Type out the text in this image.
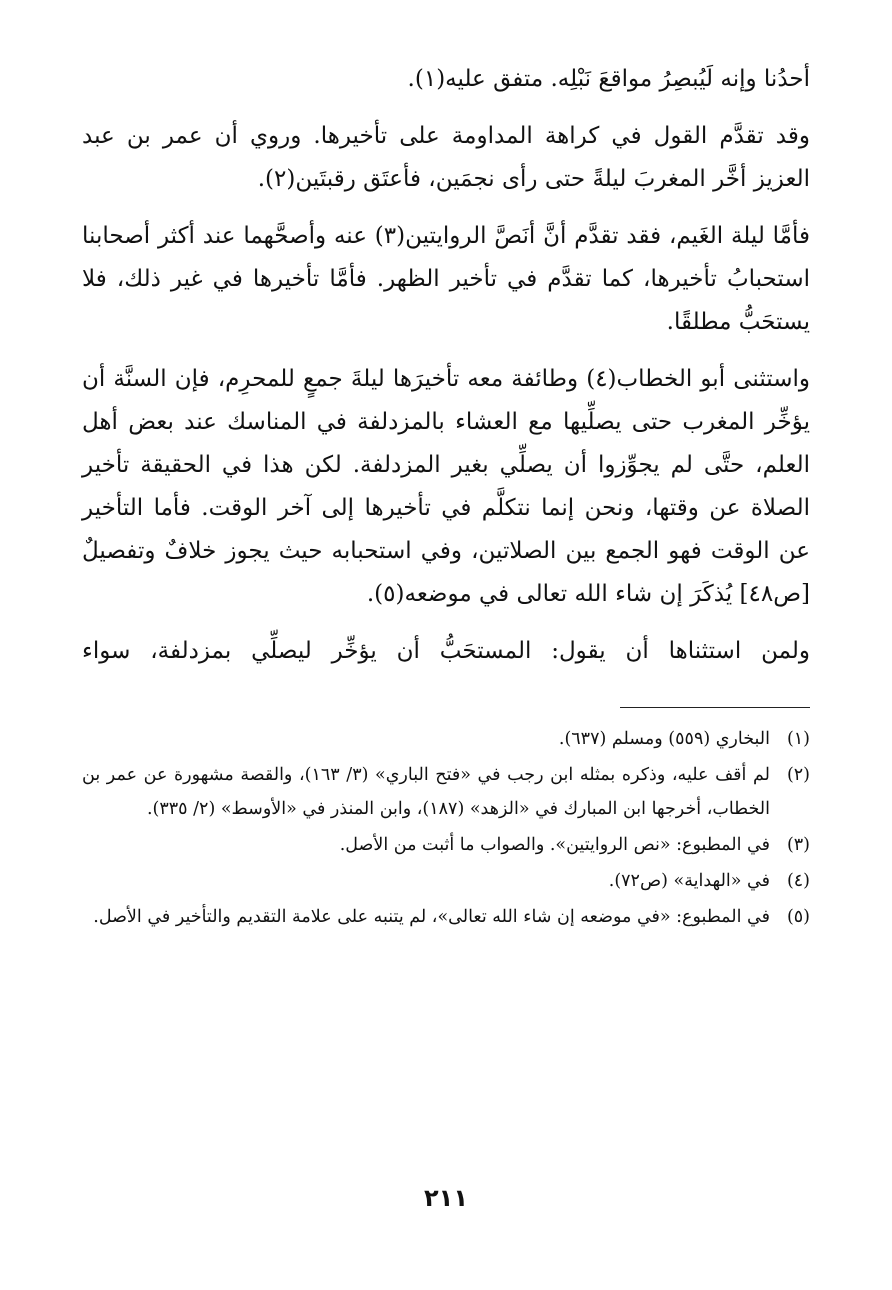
أحدُنا وإنه لَيُبصِرُ مواقعَ نَبْلِه. متفق عليه(١).

وقد تقدَّم القول في كراهة المداومة على تأخيرها. وروي أن عمر بن عبد العزيز أخَّر المغربَ ليلةً حتى رأى نجمَين، فأعتَق رقبتَين(٢).

فأمَّا ليلة الغَيم، فقد تقدَّم أنَّ أنَصَّ الروايتين(٣) عنه وأصحَّهما عند أكثر أصحابنا استحبابُ تأخيرها، كما تقدَّم في تأخير الظهر. فأمَّا تأخيرها في غير ذلك، فلا يستحَبُّ مطلقًا.

واستثنى أبو الخطاب(٤) وطائفة معه تأخيرَها ليلةَ جمعٍ للمحرِم، فإن السنَّة أن يؤخِّر المغرب حتى يصلِّيها مع العشاء بالمزدلفة في المناسك عند بعض أهل العلم، حتَّى لم يجوِّزوا أن يصلِّي بغير المزدلفة. لكن هذا في الحقيقة تأخير الصلاة عن وقتها، ونحن إنما نتكلَّم في تأخيرها إلى آخر الوقت. فأما التأخير عن الوقت فهو الجمع بين الصلاتين، وفي استحبابه حيث يجوز خلافٌ وتفصيلٌ [ص٤٨] يُذكَرَ إن شاء الله تعالى في موضعه(٥).

ولمن استثناها أن يقول: المستحَبُّ أن يؤخِّر ليصلِّي بمزدلفة، سواء

(١)
البخاري (٥٥٩) ومسلم (٦٣٧).
(٢)
لم أقف عليه، وذكره بمثله ابن رجب في «فتح الباري» (٣/ ١٦٣)، والقصة مشهورة عن عمر بن الخطاب، أخرجها ابن المبارك في «الزهد» (١٨٧)، وابن المنذر في «الأوسط» (٢/ ٣٣٥).
(٣)
في المطبوع: «نص الروايتين». والصواب ما أثبت من الأصل.
(٤)
في «الهداية» (ص٧٢).
(٥)
في المطبوع: «في موضعه إن شاء الله تعالى»، لم يتنبه على علامة التقديم والتأخير في الأصل.
٢١١
